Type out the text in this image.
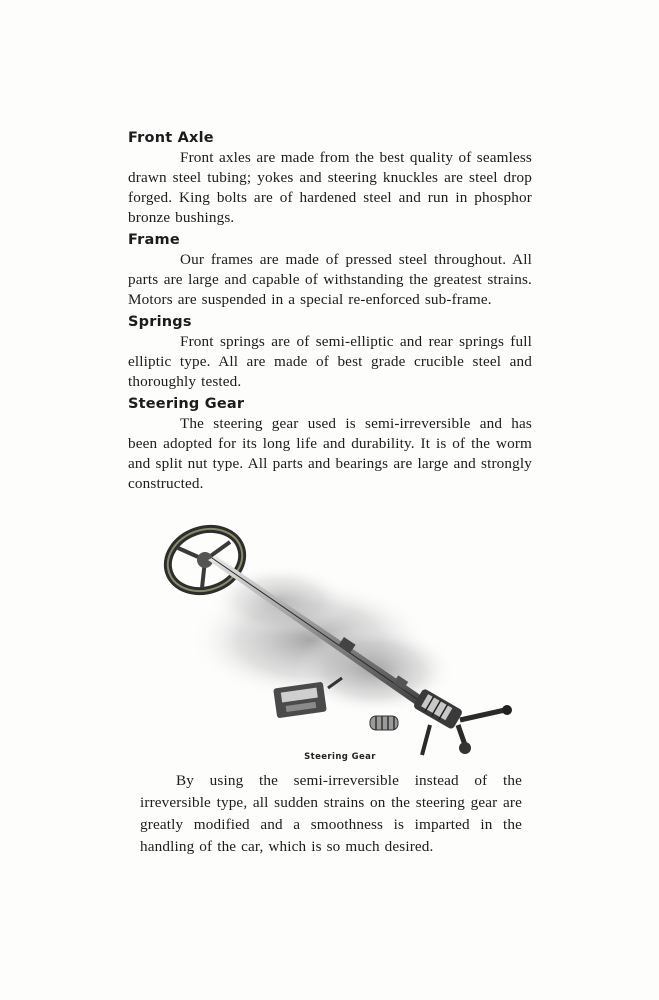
Front Axle

Front axles are made from the best quality of seamless drawn steel tubing; yokes and steering knuckles are steel drop forged. King bolts are of hardened steel and run in phosphor bronze bushings.

Frame

Our frames are made of pressed steel throughout. All parts are large and capable of withstanding the greatest strains. Motors are suspended in a special re-enforced sub-frame.

Springs

Front springs are of semi-elliptic and rear springs full elliptic type. All are made of best grade crucible steel and thoroughly tested.

Steering Gear

The steering gear used is semi-irreversible and has been adopted for its long life and durability. It is of the worm and split nut type. All parts and bearings are large and strongly constructed.

Steering Gear

By using the semi-irreversible instead of the irreversible type, all sudden strains on the steering gear are greatly modified and a smoothness is imparted in the handling of the car, which is so much desired.
